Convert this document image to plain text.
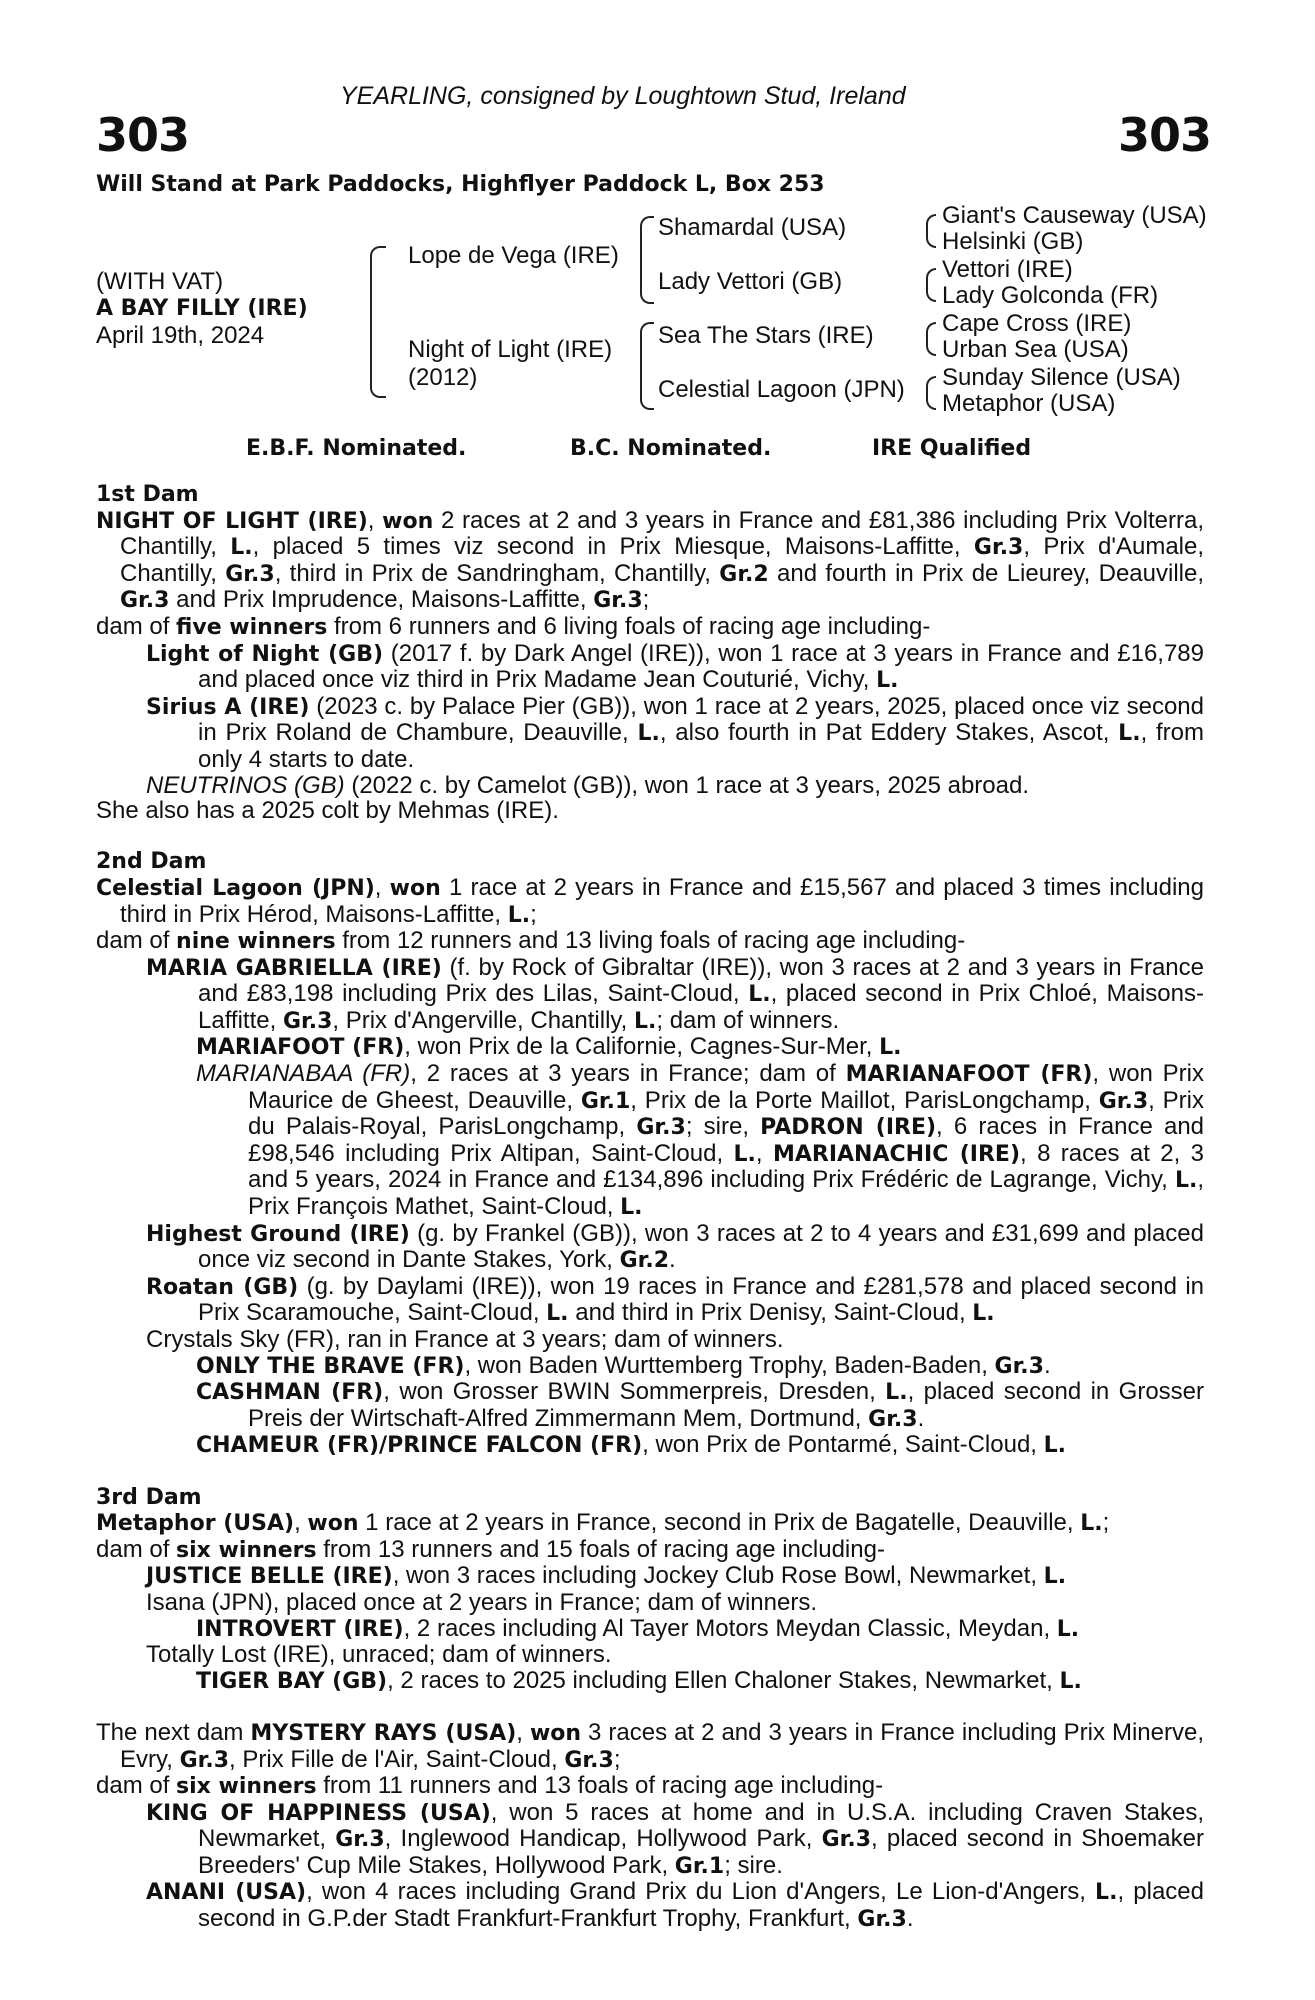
YEARLING, consigned by Loughtown Stud, Ireland
303	303
Will Stand at Park Paddocks, Highflyer Paddock L, Box 253
(WITH VAT)
A BAY FILLY (IRE)
April 19th, 2024
Lope de Vega (IRE)
Night of Light (IRE)
(2012)
Shamardal (USA)
Lady Vettori (GB)
Sea The Stars (IRE)
Celestial Lagoon (JPN)
Giant's Causeway (USA)
Helsinki (GB)
Vettori (IRE)
Lady Golconda (FR)
Cape Cross (IRE)
Urban Sea (USA)
Sunday Silence (USA)
Metaphor (USA)
E.B.F. Nominated.	B.C. Nominated.	IRE Qualified
1st Dam

NIGHT OF LIGHT (IRE), won 2 races at 2 and 3 years in France and £81,386 including Prix Volterra, Chantilly, L., placed 5 times viz second in Prix Miesque, Maisons-Laffitte, Gr.3, Prix d'Aumale, Chantilly, Gr.3, third in Prix de Sandringham, Chantilly, Gr.2 and fourth in Prix de Lieurey, Deauville, Gr.3 and Prix Imprudence, Maisons-Laffitte, Gr.3;

dam of five winners from 6 runners and 6 living foals of racing age including-

Light of Night (GB) (2017 f. by Dark Angel (IRE)), won 1 race at 3 years in France and £16,789 and placed once viz third in Prix Madame Jean Couturié, Vichy, L.

Sirius A (IRE) (2023 c. by Palace Pier (GB)), won 1 race at 2 years, 2025, placed once viz second in Prix Roland de Chambure, Deauville, L., also fourth in Pat Eddery Stakes, Ascot, L., from only 4 starts to date.

NEUTRINOS (GB) (2022 c. by Camelot (GB)), won 1 race at 3 years, 2025 abroad.

She also has a 2025 colt by Mehmas (IRE).

2nd Dam

Celestial Lagoon (JPN), won 1 race at 2 years in France and £15,567 and placed 3 times including third in Prix Hérod, Maisons-Laffitte, L.;

dam of nine winners from 12 runners and 13 living foals of racing age including-

MARIA GABRIELLA (IRE) (f. by Rock of Gibraltar (IRE)), won 3 races at 2 and 3 years in France and £83,198 including Prix des Lilas, Saint-Cloud, L., placed second in Prix Chloé, Maisons-Laffitte, Gr.3, Prix d'Angerville, Chantilly, L.; dam of winners.

MARIAFOOT (FR), won Prix de la Californie, Cagnes-Sur-Mer, L.

MARIANABAA (FR), 2 races at 3 years in France; dam of MARIANAFOOT (FR), won Prix Maurice de Gheest, Deauville, Gr.1, Prix de la Porte Maillot, ParisLongchamp, Gr.3, Prix du Palais-Royal, ParisLongchamp, Gr.3; sire, PADRON (IRE), 6 races in France and £98,546 including Prix Altipan, Saint-Cloud, L., MARIANACHIC (IRE), 8 races at 2, 3 and 5 years, 2024 in France and £134,896 including Prix Frédéric de Lagrange, Vichy, L., Prix François Mathet, Saint-Cloud, L.

Highest Ground (IRE) (g. by Frankel (GB)), won 3 races at 2 to 4 years and £31,699 and placed once viz second in Dante Stakes, York, Gr.2.

Roatan (GB) (g. by Daylami (IRE)), won 19 races in France and £281,578 and placed second in Prix Scaramouche, Saint-Cloud, L. and third in Prix Denisy, Saint-Cloud, L.

Crystals Sky (FR), ran in France at 3 years; dam of winners.

ONLY THE BRAVE (FR), won Baden Wurttemberg Trophy, Baden-Baden, Gr.3.

CASHMAN (FR), won Grosser BWIN Sommerpreis, Dresden, L., placed second in Grosser Preis der Wirtschaft-Alfred Zimmermann Mem, Dortmund, Gr.3.

CHAMEUR (FR)/PRINCE FALCON (FR), won Prix de Pontarmé, Saint-Cloud, L.

3rd Dam

Metaphor (USA), won 1 race at 2 years in France, second in Prix de Bagatelle, Deauville, L.;

dam of six winners from 13 runners and 15 foals of racing age including-

JUSTICE BELLE (IRE), won 3 races including Jockey Club Rose Bowl, Newmarket, L.

Isana (JPN), placed once at 2 years in France; dam of winners.

INTROVERT (IRE), 2 races including Al Tayer Motors Meydan Classic, Meydan, L.

Totally Lost (IRE), unraced; dam of winners.

TIGER BAY (GB), 2 races to 2025 including Ellen Chaloner Stakes, Newmarket, L.

The next dam MYSTERY RAYS (USA), won 3 races at 2 and 3 years in France including Prix Minerve, Evry, Gr.3, Prix Fille de l'Air, Saint-Cloud, Gr.3;

dam of six winners from 11 runners and 13 foals of racing age including-

KING OF HAPPINESS (USA), won 5 races at home and in U.S.A. including Craven Stakes, Newmarket, Gr.3, Inglewood Handicap, Hollywood Park, Gr.3, placed second in Shoemaker Breeders' Cup Mile Stakes, Hollywood Park, Gr.1; sire.

ANANI (USA), won 4 races including Grand Prix du Lion d'Angers, Le Lion-d'Angers, L., placed second in G.P.der Stadt Frankfurt-Frankfurt Trophy, Frankfurt, Gr.3.
